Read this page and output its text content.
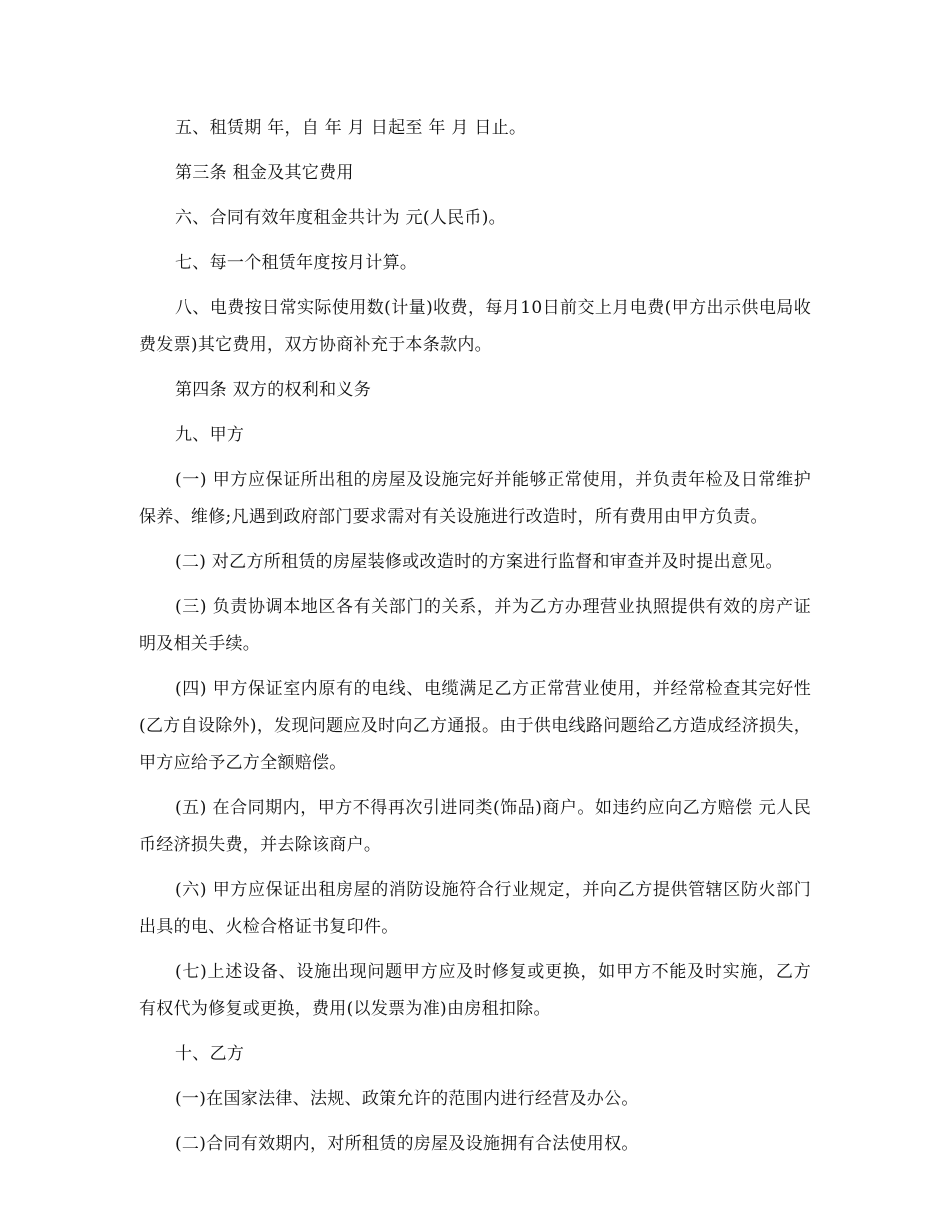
五、租赁期 年，自 年 月 日起至 年 月 日止。

第三条 租金及其它费用

六、合同有效年度租金共计为 元(人民币)。

七、每一个租赁年度按月计算。

八、电费按日常实际使用数(计量)收费，每月10日前交上月电费(甲方出示供电局收费发票)其它费用，双方协商补充于本条款内。

第四条 双方的权利和义务

九、甲方

(一) 甲方应保证所出租的房屋及设施完好并能够正常使用，并负责年检及日常维护保养、维修;凡遇到政府部门要求需对有关设施进行改造时，所有费用由甲方负责。

(二) 对乙方所租赁的房屋装修或改造时的方案进行监督和审查并及时提出意见。

(三) 负责协调本地区各有关部门的关系，并为乙方办理营业执照提供有效的房产证明及相关手续。

(四) 甲方保证室内原有的电线、电缆满足乙方正常营业使用，并经常检查其完好性(乙方自设除外)，发现问题应及时向乙方通报。由于供电线路问题给乙方造成经济损失，甲方应给予乙方全额赔偿。

(五) 在合同期内，甲方不得再次引进同类(饰品)商户。如违约应向乙方赔偿 元人民币经济损失费，并去除该商户。

(六) 甲方应保证出租房屋的消防设施符合行业规定，并向乙方提供管辖区防火部门出具的电、火检合格证书复印件。

(七)上述设备、设施出现问题甲方应及时修复或更换，如甲方不能及时实施，乙方有权代为修复或更换，费用(以发票为准)由房租扣除。

十、乙方

(一)在国家法律、法规、政策允许的范围内进行经营及办公。

(二)合同有效期内，对所租赁的房屋及设施拥有合法使用权。
